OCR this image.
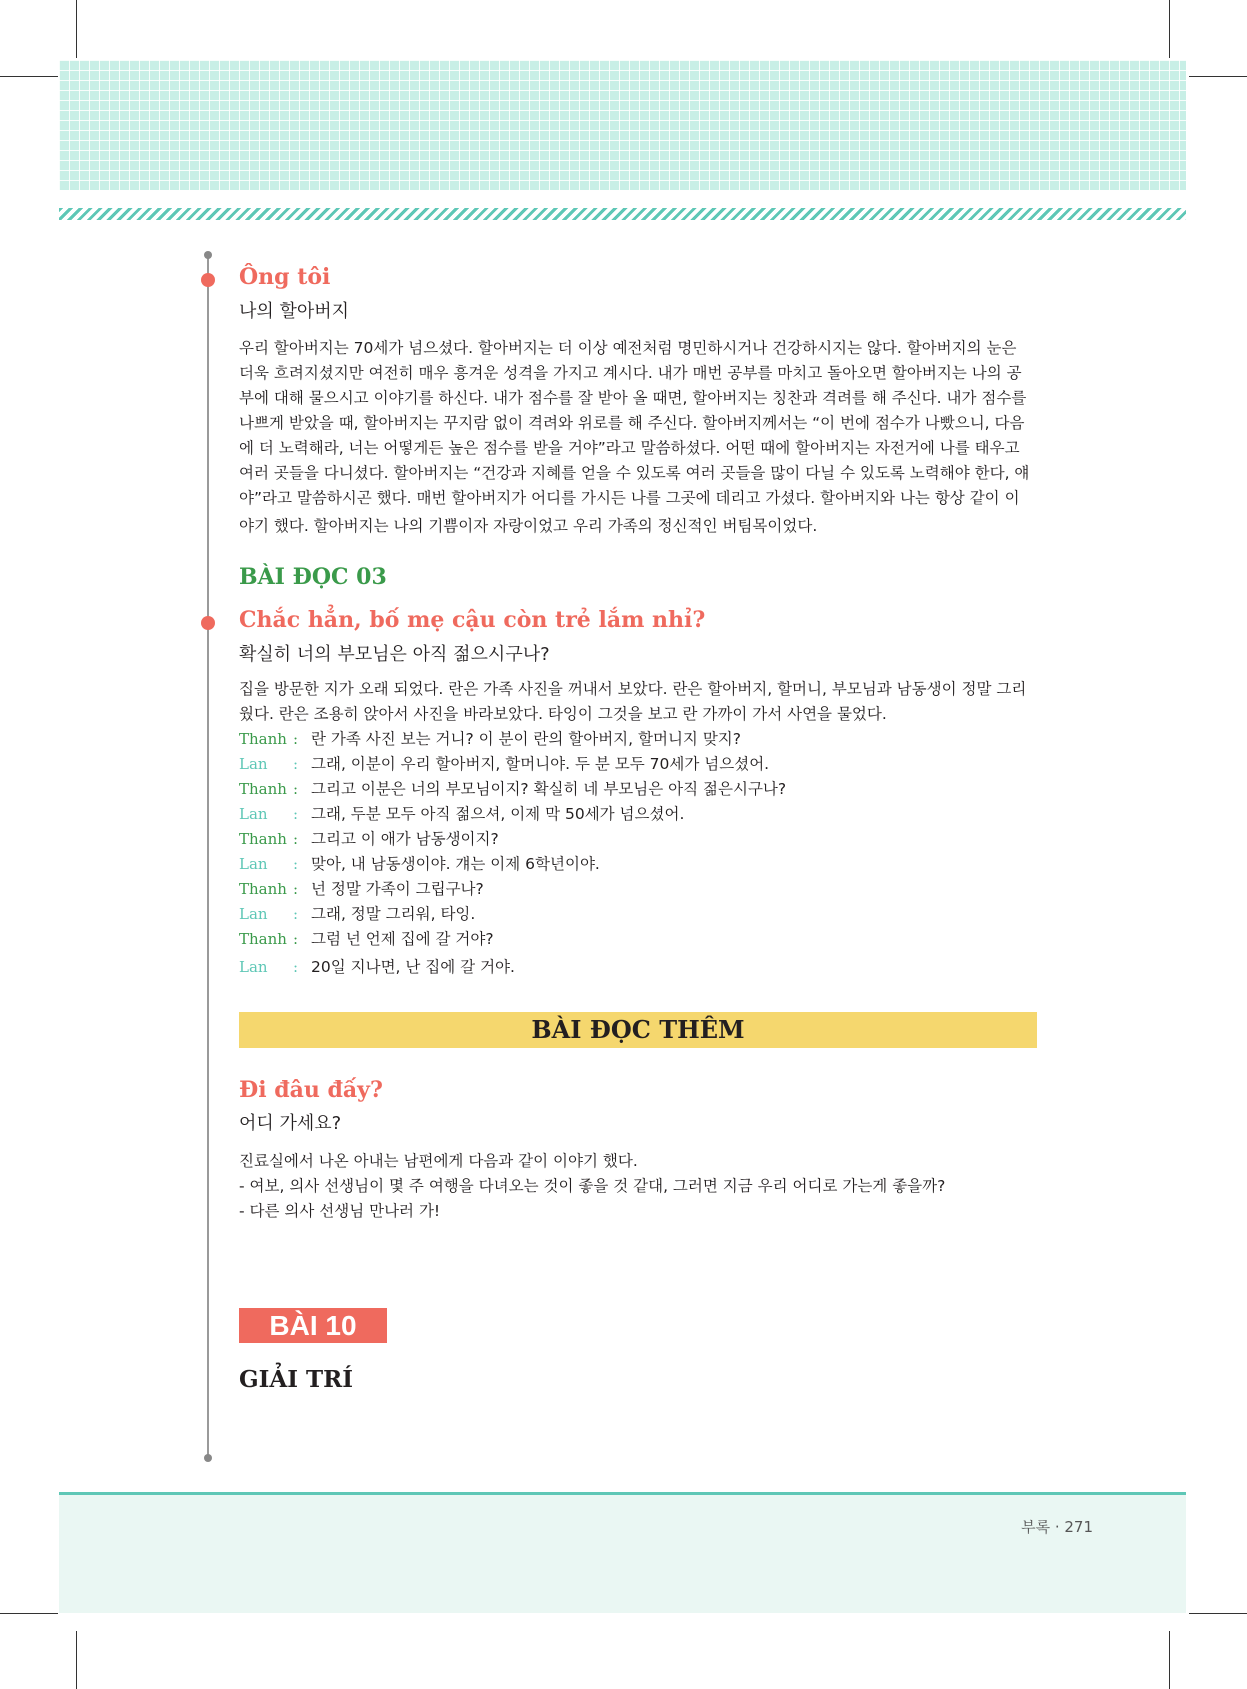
Ông tôi
나의 할아버지
우리 할아버지는 70세가 넘으셨다. 할아버지는 더 이상 예전처럼 명민하시거나 건강하시지는 않다. 할아버지의 눈은
더욱 흐려지셨지만 여전히 매우 흥겨운 성격을 가지고 계시다. 내가 매번 공부를 마치고 돌아오면 할아버지는 나의 공
부에 대해 물으시고 이야기를 하신다. 내가 점수를 잘 받아 올 때면, 할아버지는 칭찬과 격려를 해 주신다. 내가 점수를
나쁘게 받았을 때, 할아버지는 꾸지람 없이 격려와 위로를 해 주신다. 할아버지께서는 “이 번에 점수가 나빴으니, 다음
에 더 노력해라, 너는 어떻게든 높은 점수를 받을 거야”라고 말씀하셨다. 어떤 때에 할아버지는 자전거에 나를 태우고
여러 곳들을 다니셨다. 할아버지는 “건강과 지혜를 얻을 수 있도록 여러 곳들을 많이 다닐 수 있도록 노력해야 한다, 얘
야”라고 말씀하시곤 했다. 매번 할아버지가 어디를 가시든 나를 그곳에 데리고 가셨다. 할아버지와 나는 항상 같이 이
야기 했다. 할아버지는 나의 기쁨이자 자랑이었고 우리 가족의 정신적인 버팀목이었다.
BÀI ĐỌC 03
Chắc hẳn, bố mẹ cậu còn trẻ lắm nhỉ?
확실히 너의 부모님은 아직 젊으시구나?
집을 방문한 지가 오래 되었다. 란은 가족 사진을 꺼내서 보았다. 란은 할아버지, 할머니, 부모님과 남동생이 정말 그리
웠다. 란은 조용히 앉아서 사진을 바라보았다. 타잉이 그것을 보고 란 가까이 가서 사연을 물었다.
Thanh : 란 가족 사진 보는 거니? 이 분이 란의 할아버지, 할머니지 맞지?
Lan : 그래, 이분이 우리 할아버지, 할머니야. 두 분 모두 70세가 넘으셨어.
Thanh : 그리고 이분은 너의 부모님이지? 확실히 네 부모님은 아직 젊은시구나?
Lan : 그래, 두분 모두 아직 젊으셔, 이제 막 50세가 넘으셨어.
Thanh : 그리고 이 애가 남동생이지?
Lan : 맞아, 내 남동생이야. 걔는 이제 6학년이야.
Thanh : 넌 정말 가족이 그립구나?
Lan : 그래, 정말 그리워, 타잉.
Thanh : 그럼 넌 언제 집에 갈 거야?
Lan : 20일 지나면, 난 집에 갈 거야.
BÀI ĐỌC THÊM
Đi đâu đấy?
어디 가세요?
진료실에서 나온 아내는 남편에게 다음과 같이 이야기 했다.
- 여보, 의사 선생님이 몇 주 여행을 다녀오는 것이 좋을 것 같대, 그러면 지금 우리 어디로 가는게 좋을까?
- 다른 의사 선생님 만나러 가!
BÀI 10
GIẢI TRÍ
부록 · 271
